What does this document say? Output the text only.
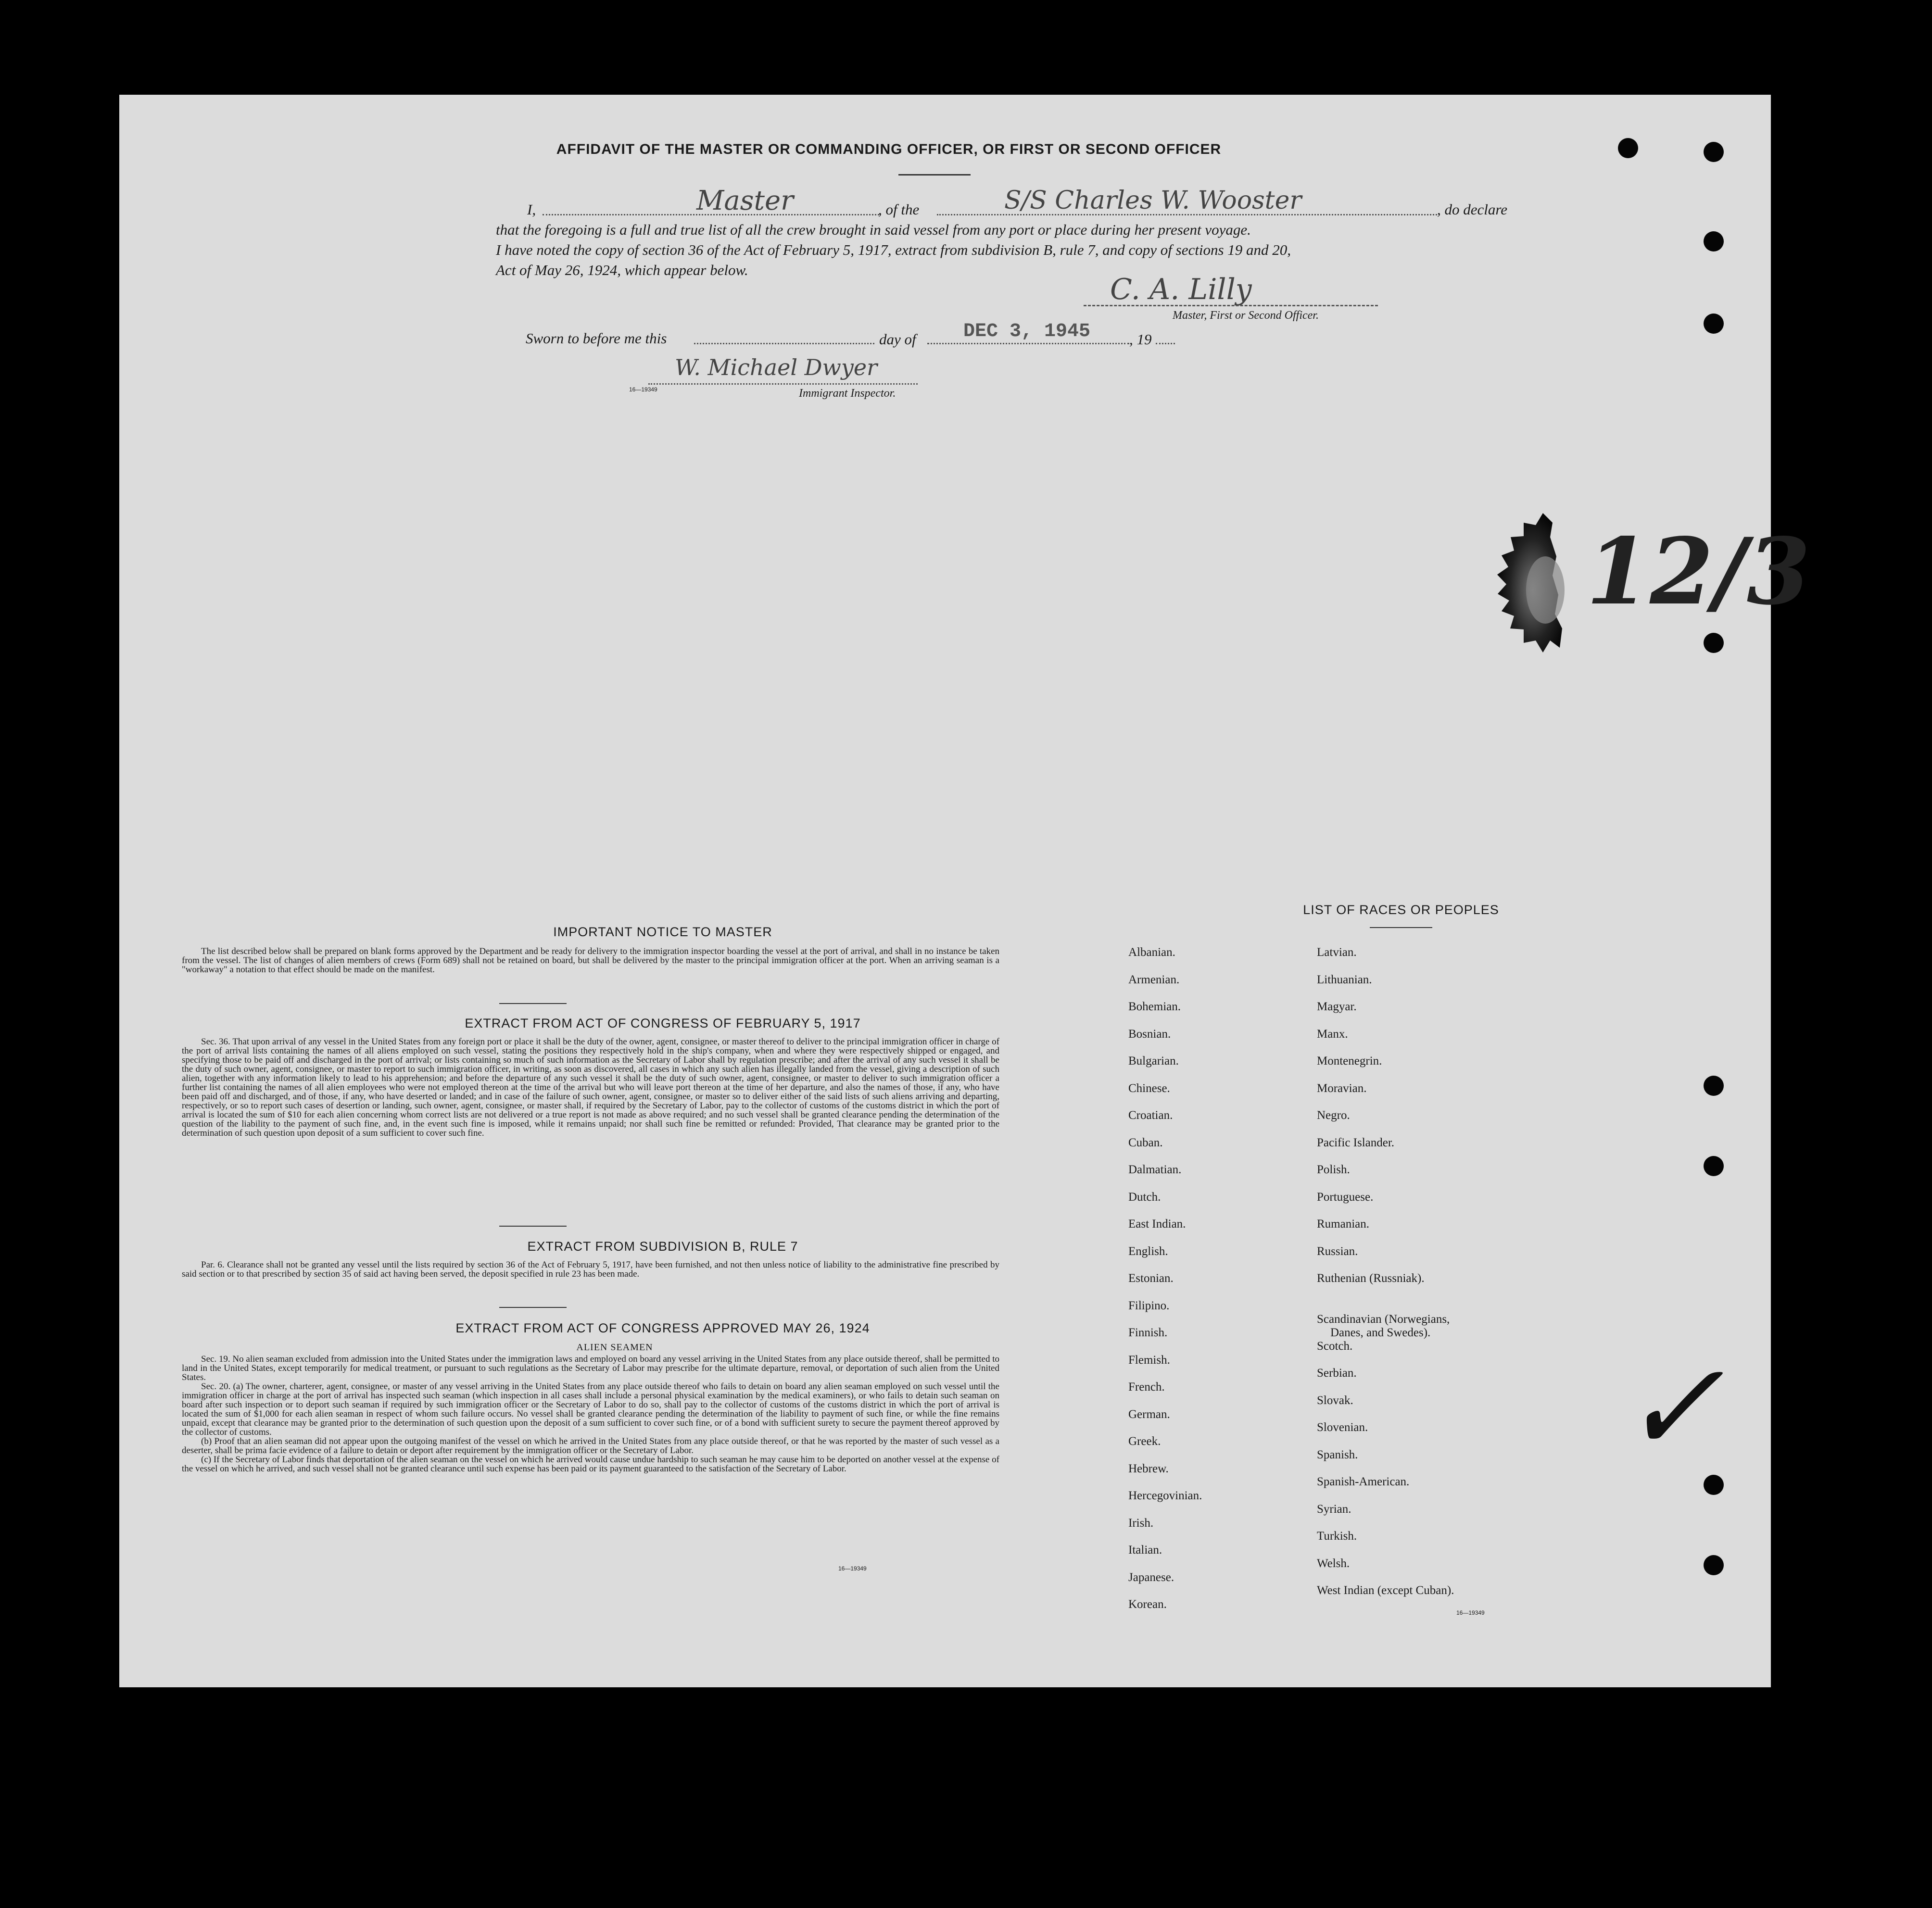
AFFIDAVIT OF THE MASTER OR COMMANDING OFFICER, OR FIRST OR SECOND OFFICER
I,	Master	, of the	S/S Charles W. Wooster	, do declare
that the foregoing is a full and true list of all the crew brought in said vessel from any port or place during her present voyage.
I have noted the copy of section 36 of the Act of February 5, 1917, extract from subdivision B, rule 7, and copy of sections 19 and 20,
Act of May 26, 1924, which appear below.
C. A. Lilly
Master, First or Second Officer.
Sworn to before me this	day of DEC 3, 1945	, 19
W. Michael Dwyer
16—19349	Immigrant Inspector.
12/3
✓
IMPORTANT NOTICE TO MASTER

The list described below shall be prepared on blank forms approved by the Department and be ready for delivery to the immigration inspector boarding the vessel at the port of arrival, and shall in no instance be taken from the vessel. The list of changes of alien members of crews (Form 689) shall not be retained on board, but shall be delivered by the master to the principal immigration officer at the port. When an arriving seaman is a "workaway" a notation to that effect should be made on the manifest.

EXTRACT FROM ACT OF CONGRESS OF FEBRUARY 5, 1917

Sec. 36. That upon arrival of any vessel in the United States from any foreign port or place it shall be the duty of the owner, agent, consignee, or master thereof to deliver to the principal immigration officer in charge of the port of arrival lists containing the names of all aliens employed on such vessel, stating the positions they respectively hold in the ship's company, when and where they were respectively shipped or engaged, and specifying those to be paid off and discharged in the port of arrival; or lists containing so much of such information as the Secretary of Labor shall by regulation prescribe; and after the arrival of any such vessel it shall be the duty of such owner, agent, consignee, or master to report to such immigration officer, in writing, as soon as discovered, all cases in which any such alien has illegally landed from the vessel, giving a description of such alien, together with any information likely to lead to his apprehension; and before the departure of any such vessel it shall be the duty of such owner, agent, consignee, or master to deliver to such immigration officer a further list containing the names of all alien employees who were not employed thereon at the time of the arrival but who will leave port thereon at the time of her departure, and also the names of those, if any, who have been paid off and discharged, and of those, if any, who have deserted or landed; and in case of the failure of such owner, agent, consignee, or master so to deliver either of the said lists of such aliens arriving and departing, respectively, or so to report such cases of desertion or landing, such owner, agent, consignee, or master shall, if required by the Secretary of Labor, pay to the collector of customs of the customs district in which the port of arrival is located the sum of $10 for each alien concerning whom correct lists are not delivered or a true report is not made as above required; and no such vessel shall be granted clearance pending the determination of the question of the liability to the payment of such fine, and, in the event such fine is imposed, while it remains unpaid; nor shall such fine be remitted or refunded: Provided, That clearance may be granted prior to the determination of such question upon deposit of a sum sufficient to cover such fine.

EXTRACT FROM SUBDIVISION B, RULE 7

Par. 6. Clearance shall not be granted any vessel until the lists required by section 36 of the Act of February 5, 1917, have been furnished, and not then unless notice of liability to the administrative fine prescribed by said section or to that prescribed by section 35 of said act having been served, the deposit specified in rule 23 has been made.

EXTRACT FROM ACT OF CONGRESS APPROVED MAY 26, 1924
ALIEN SEAMEN

Sec. 19. No alien seaman excluded from admission into the United States under the immigration laws and employed on board any vessel arriving in the United States from any place outside thereof, shall be permitted to land in the United States, except temporarily for medical treatment, or pursuant to such regulations as the Secretary of Labor may prescribe for the ultimate departure, removal, or deportation of such alien from the United States.

Sec. 20. (a) The owner, charterer, agent, consignee, or master of any vessel arriving in the United States from any place outside thereof who fails to detain on board any alien seaman employed on such vessel until the immigration officer in charge at the port of arrival has inspected such seaman (which inspection in all cases shall include a personal physical examination by the medical examiners), or who fails to detain such seaman on board after such inspection or to deport such seaman if required by such immigration officer or the Secretary of Labor to do so, shall pay to the collector of customs of the customs district in which the port of arrival is located the sum of $1,000 for each alien seaman in respect of whom such failure occurs. No vessel shall be granted clearance pending the determination of the liability to payment of such fine, or while the fine remains unpaid, except that clearance may be granted prior to the determination of such question upon the deposit of a sum sufficient to cover such fine, or of a bond with sufficient surety to secure the payment thereof approved by the collector of customs.

(b) Proof that an alien seaman did not appear upon the outgoing manifest of the vessel on which he arrived in the United States from any place outside thereof, or that he was reported by the master of such vessel as a deserter, shall be prima facie evidence of a failure to detain or deport after requirement by the immigration officer or the Secretary of Labor.

(c) If the Secretary of Labor finds that deportation of the alien seaman on the vessel on which he arrived would cause undue hardship to such seaman he may cause him to be deported on another vessel at the expense of the vessel on which he arrived, and such vessel shall not be granted clearance until such expense has been paid or its payment guaranteed to the satisfaction of the Secretary of Labor.

16—19349
LIST OF RACES OR PEOPLES
Albanian.
Armenian.
Bohemian.
Bosnian.
Bulgarian.
Chinese.
Croatian.
Cuban.
Dalmatian.
Dutch.
East Indian.
English.
Estonian.
Filipino.
Finnish.
Flemish.
French.
German.
Greek.
Hebrew.
Hercegovinian.
Irish.
Italian.
Japanese.
Korean.
Latvian.
Lithuanian.
Magyar.
Manx.
Montenegrin.
Moravian.
Negro.
Pacific Islander.
Polish.
Portuguese.
Rumanian.
Russian.
Ruthenian (Russniak).
Scandinavian (Norwegians,
Danes, and Swedes).
Scotch.
Serbian.
Slovak.
Slovenian.
Spanish.
Spanish-American.
Syrian.
Turkish.
Welsh.
West Indian (except Cuban).
16—19349
